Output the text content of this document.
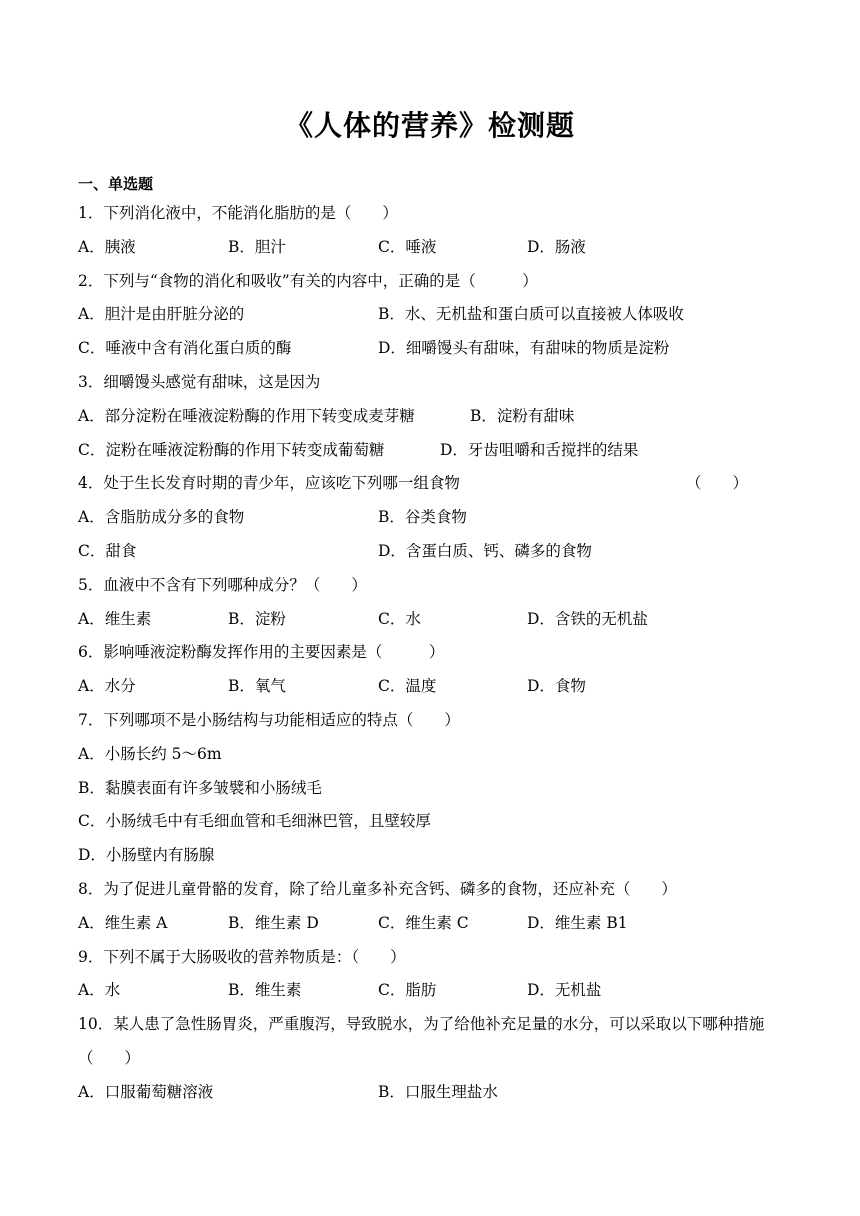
《人体的营养》检测题
一、单选题
1．下列消化液中，不能消化脂肪的是（　　）
A．胰液	B．胆汁	C．唾液	D．肠液
2．下列与“食物的消化和吸收”有关的内容中，正确的是（　　　）
A．胆汁是由肝脏分泌的	B．水、无机盐和蛋白质可以直接被人体吸收
C．唾液中含有消化蛋白质的酶	D．细嚼馒头有甜味，有甜味的物质是淀粉
3．细嚼馒头感觉有甜味，这是因为
A．部分淀粉在唾液淀粉酶的作用下转变成麦芽糖	B．淀粉有甜味
C．淀粉在唾液淀粉酶的作用下转变成葡萄糖	D．牙齿咀嚼和舌搅拌的结果
4．处于生长发育时期的青少年，应该吃下列哪一组食物	（　　）
A．含脂肪成分多的食物	B．谷类食物
C．甜食	D．含蛋白质、钙、磷多的食物
5．血液中不含有下列哪种成分？（　　）
A．维生素	B．淀粉	C．水	D．含铁的无机盐
6．影响唾液淀粉酶发挥作用的主要因素是（　　　）
A．水分	B．氧气	C．温度	D．食物
7．下列哪项不是小肠结构与功能相适应的特点（　　）
A．小肠长约 5～6m
B．黏膜表面有许多皱襞和小肠绒毛
C．小肠绒毛中有毛细血管和毛细淋巴管，且壁较厚
D．小肠壁内有肠腺
8．为了促进儿童骨骼的发育，除了给儿童多补充含钙、磷多的食物，还应补充（　　）
A．维生素 A	B．维生素 D	C．维生素 C	D．维生素 B1
9．下列不属于大肠吸收的营养物质是：（　　）
A．水	B．维生素	C．脂肪	D．无机盐
10．某人患了急性肠胃炎，严重腹泻，导致脱水，为了给他补充足量的水分，可以采取以下哪种措施（　　）
A．口服葡萄糖溶液	B．口服生理盐水
